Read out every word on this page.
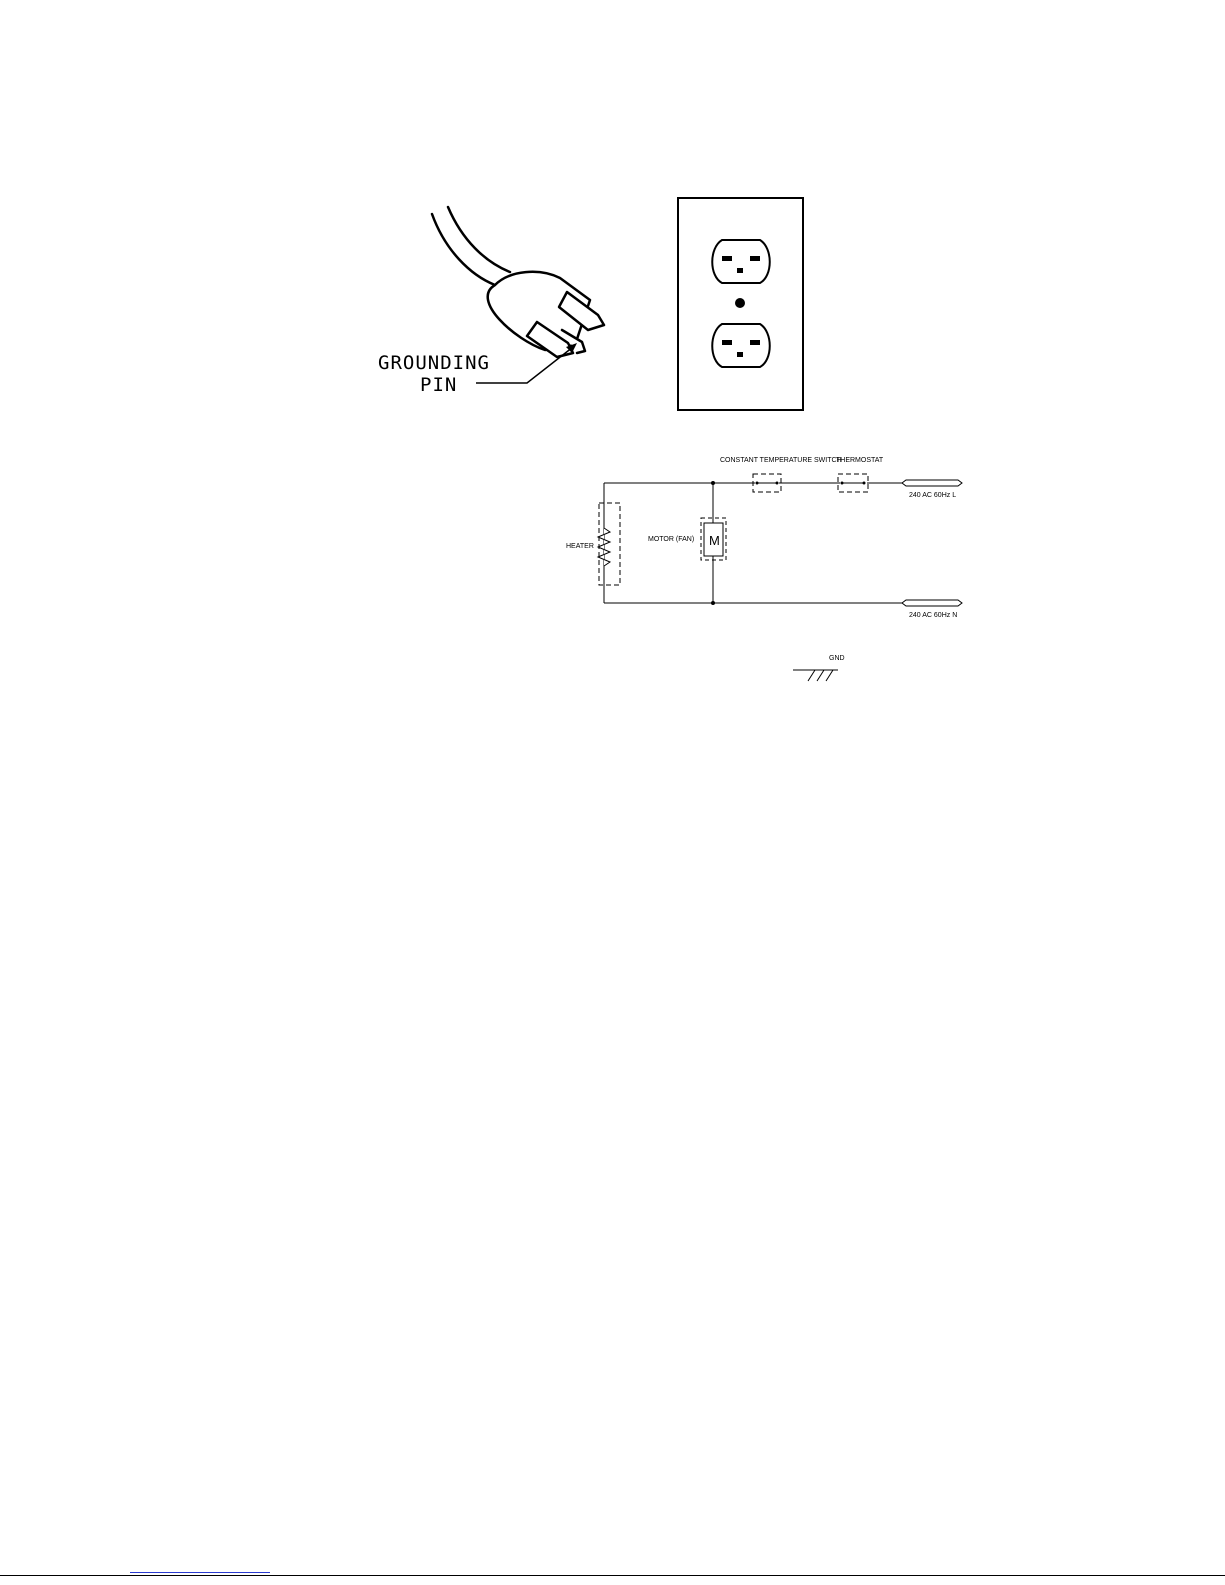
GROUNDING
PIN
CONSTANT TEMPERATURE SWITCH
THERMOSTAT
240 AC 60Hz L
240 AC 60Hz N
HEATER
MOTOR (FAN) M
GND
